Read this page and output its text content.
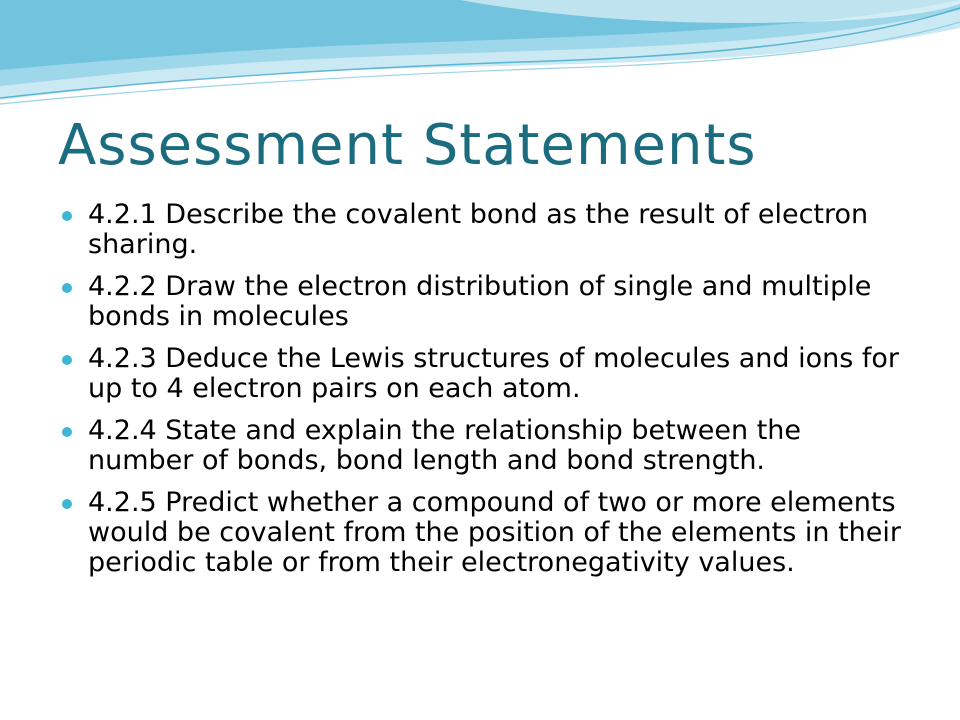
Assessment Statements
4.2.1 Describe the covalent bond as the result of electron sharing.
4.2.2 Draw the electron distribution of single and multiple bonds in molecules
4.2.3 Deduce the Lewis structures of molecules and ions for up to 4 electron pairs on each atom.
4.2.4 State and explain the relationship between the number of bonds, bond length and bond strength.
4.2.5 Predict whether a compound of two or more elements would be covalent from the position of the elements in their periodic table or from their electronegativity values.
